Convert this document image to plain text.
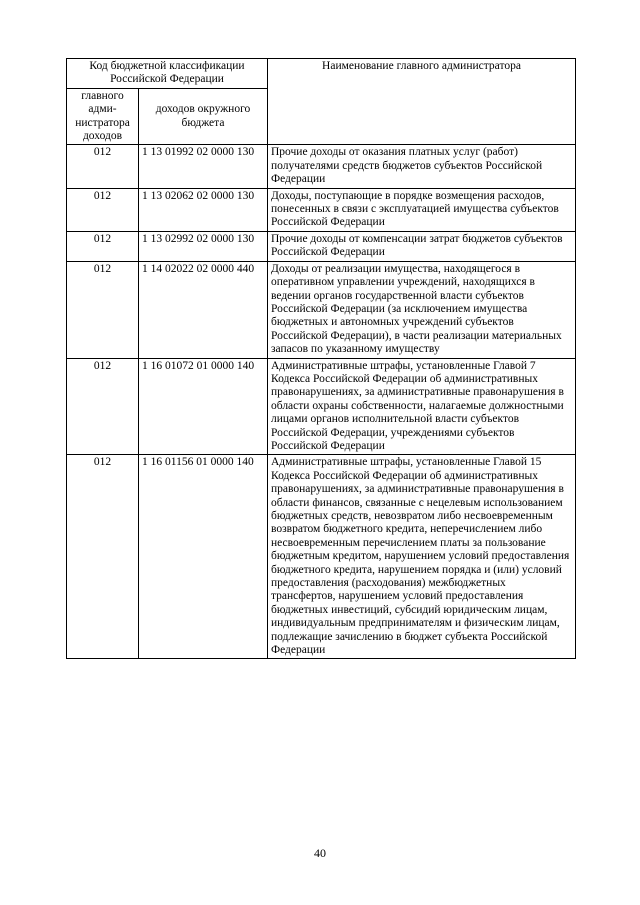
Код бюджетной классификации Российской Федерации		Наименование главного администратора
главного адми-нистратора доходов	доходов окружного бюджета	
012	1 13 01992 02 0000 130	Прочие доходы от оказания платных услуг (работ) получателями средств бюджетов субъектов Российской Федерации
012	1 13 02062 02 0000 130	Доходы, поступающие в порядке возмещения расходов, понесенных в связи с эксплуатацией имущества субъектов Российской Федерации
012	1 13 02992 02 0000 130	Прочие доходы от компенсации затрат бюджетов субъектов Российской Федерации
012	1 14 02022 02 0000 440	Доходы от реализации имущества, находящегося в оперативном управлении учреждений, находящихся в ведении органов государственной власти субъектов Российской Федерации (за исключением имущества бюджетных и автономных учреждений субъектов Российской Федерации), в части реализации материальных запасов по указанному имуществу
012	1 16 01072 01 0000 140	Административные штрафы, установленные Главой 7 Кодекса Российской Федерации об административных правонарушениях, за административные правонарушения в области охраны собственности, налагаемые должностными лицами органов исполнительной власти субъектов Российской Федерации, учреждениями субъектов Российской Федерации
012	1 16 01156 01 0000 140	Административные штрафы, установленные Главой 15 Кодекса Российской Федерации об административных правонарушениях, за административные правонарушения в области финансов, связанные с нецелевым использованием бюджетных средств, невозвратом либо несвоевременным возвратом бюджетного кредита, неперечислением либо несвоевременным перечислением платы за пользование бюджетным кредитом, нарушением условий предоставления бюджетного кредита, нарушением порядка и (или) условий предоставления (расходования) межбюджетных трансфертов, нарушением условий предоставления бюджетных инвестиций, субсидий юридическим лицам, индивидуальным предпринимателям и физическим лицам, подлежащие зачислению в бюджет субъекта Российской Федерации
40
